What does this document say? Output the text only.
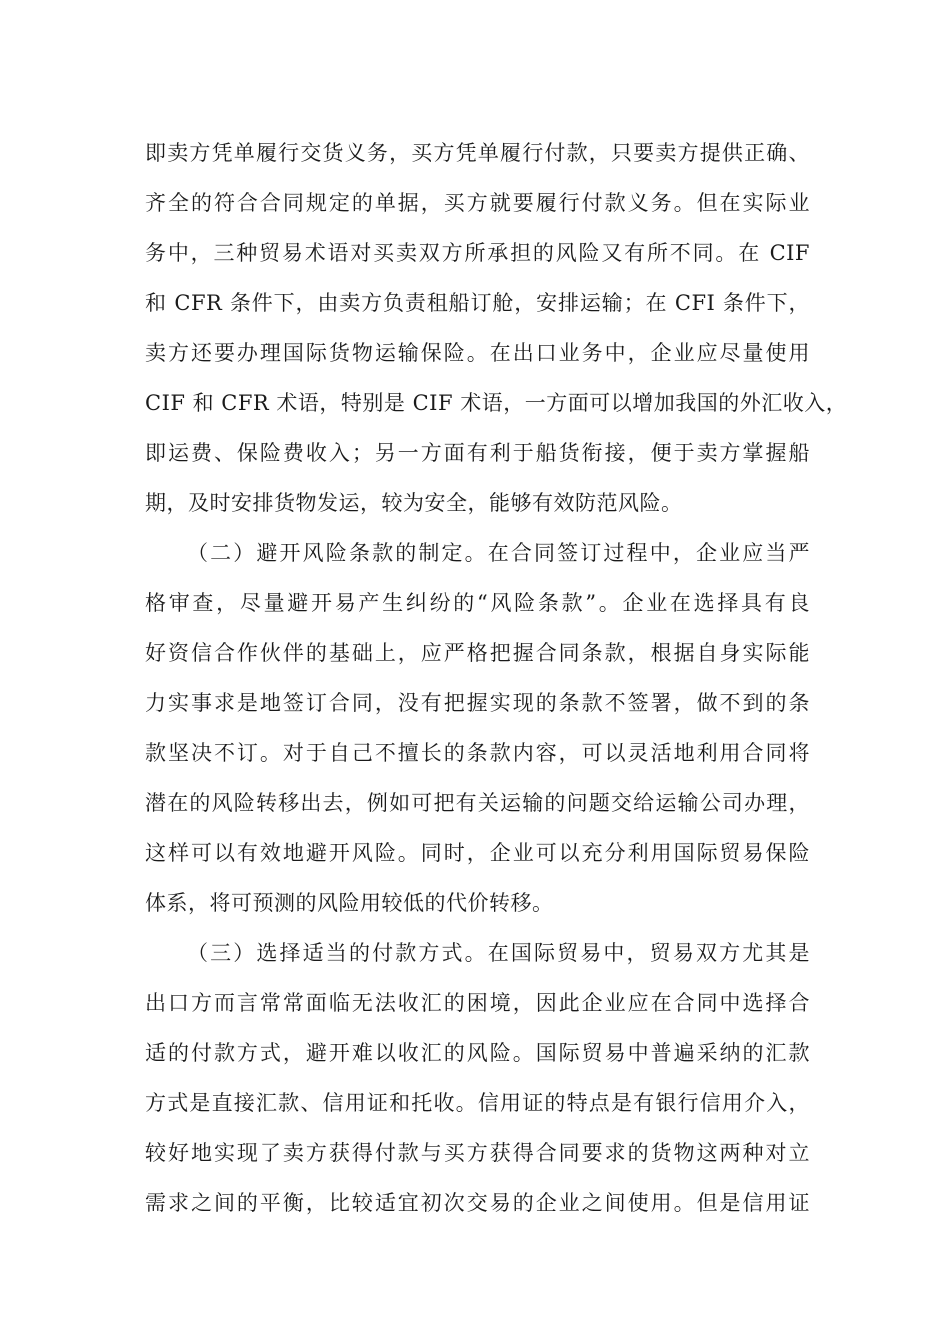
即卖方凭单履行交货义务，买方凭单履行付款，只要卖方提供正确、
齐全的符合合同规定的单据，买方就要履行付款义务。但在实际业
务中，三种贸易术语对买卖双方所承担的风险又有所不同。在 CIF
和 CFR 条件下，由卖方负责租船订舱，安排运输；在 CFI 条件下，
卖方还要办理国际货物运输保险。在出口业务中，企业应尽量使用
CIF 和 CFR 术语，特别是 CIF 术语，一方面可以增加我国的外汇收入，
即运费、保险费收入；另一方面有利于船货衔接，便于卖方掌握船
期，及时安排货物发运，较为安全，能够有效防范风险。
（二）避开风险条款的制定。在合同签订过程中，企业应当严
格审查，尽量避开易产生纠纷的“风险条款”。企业在选择具有良
好资信合作伙伴的基础上，应严格把握合同条款，根据自身实际能
力实事求是地签订合同，没有把握实现的条款不签署，做不到的条
款坚决不订。对于自己不擅长的条款内容，可以灵活地利用合同将
潜在的风险转移出去，例如可把有关运输的问题交给运输公司办理，
这样可以有效地避开风险。同时，企业可以充分利用国际贸易保险
体系，将可预测的风险用较低的代价转移。
（三）选择适当的付款方式。在国际贸易中，贸易双方尤其是
出口方而言常常面临无法收汇的困境，因此企业应在合同中选择合
适的付款方式，避开难以收汇的风险。国际贸易中普遍采纳的汇款
方式是直接汇款、信用证和托收。信用证的特点是有银行信用介入，
较好地实现了卖方获得付款与买方获得合同要求的货物这两种对立
需求之间的平衡，比较适宜初次交易的企业之间使用。但是信用证
